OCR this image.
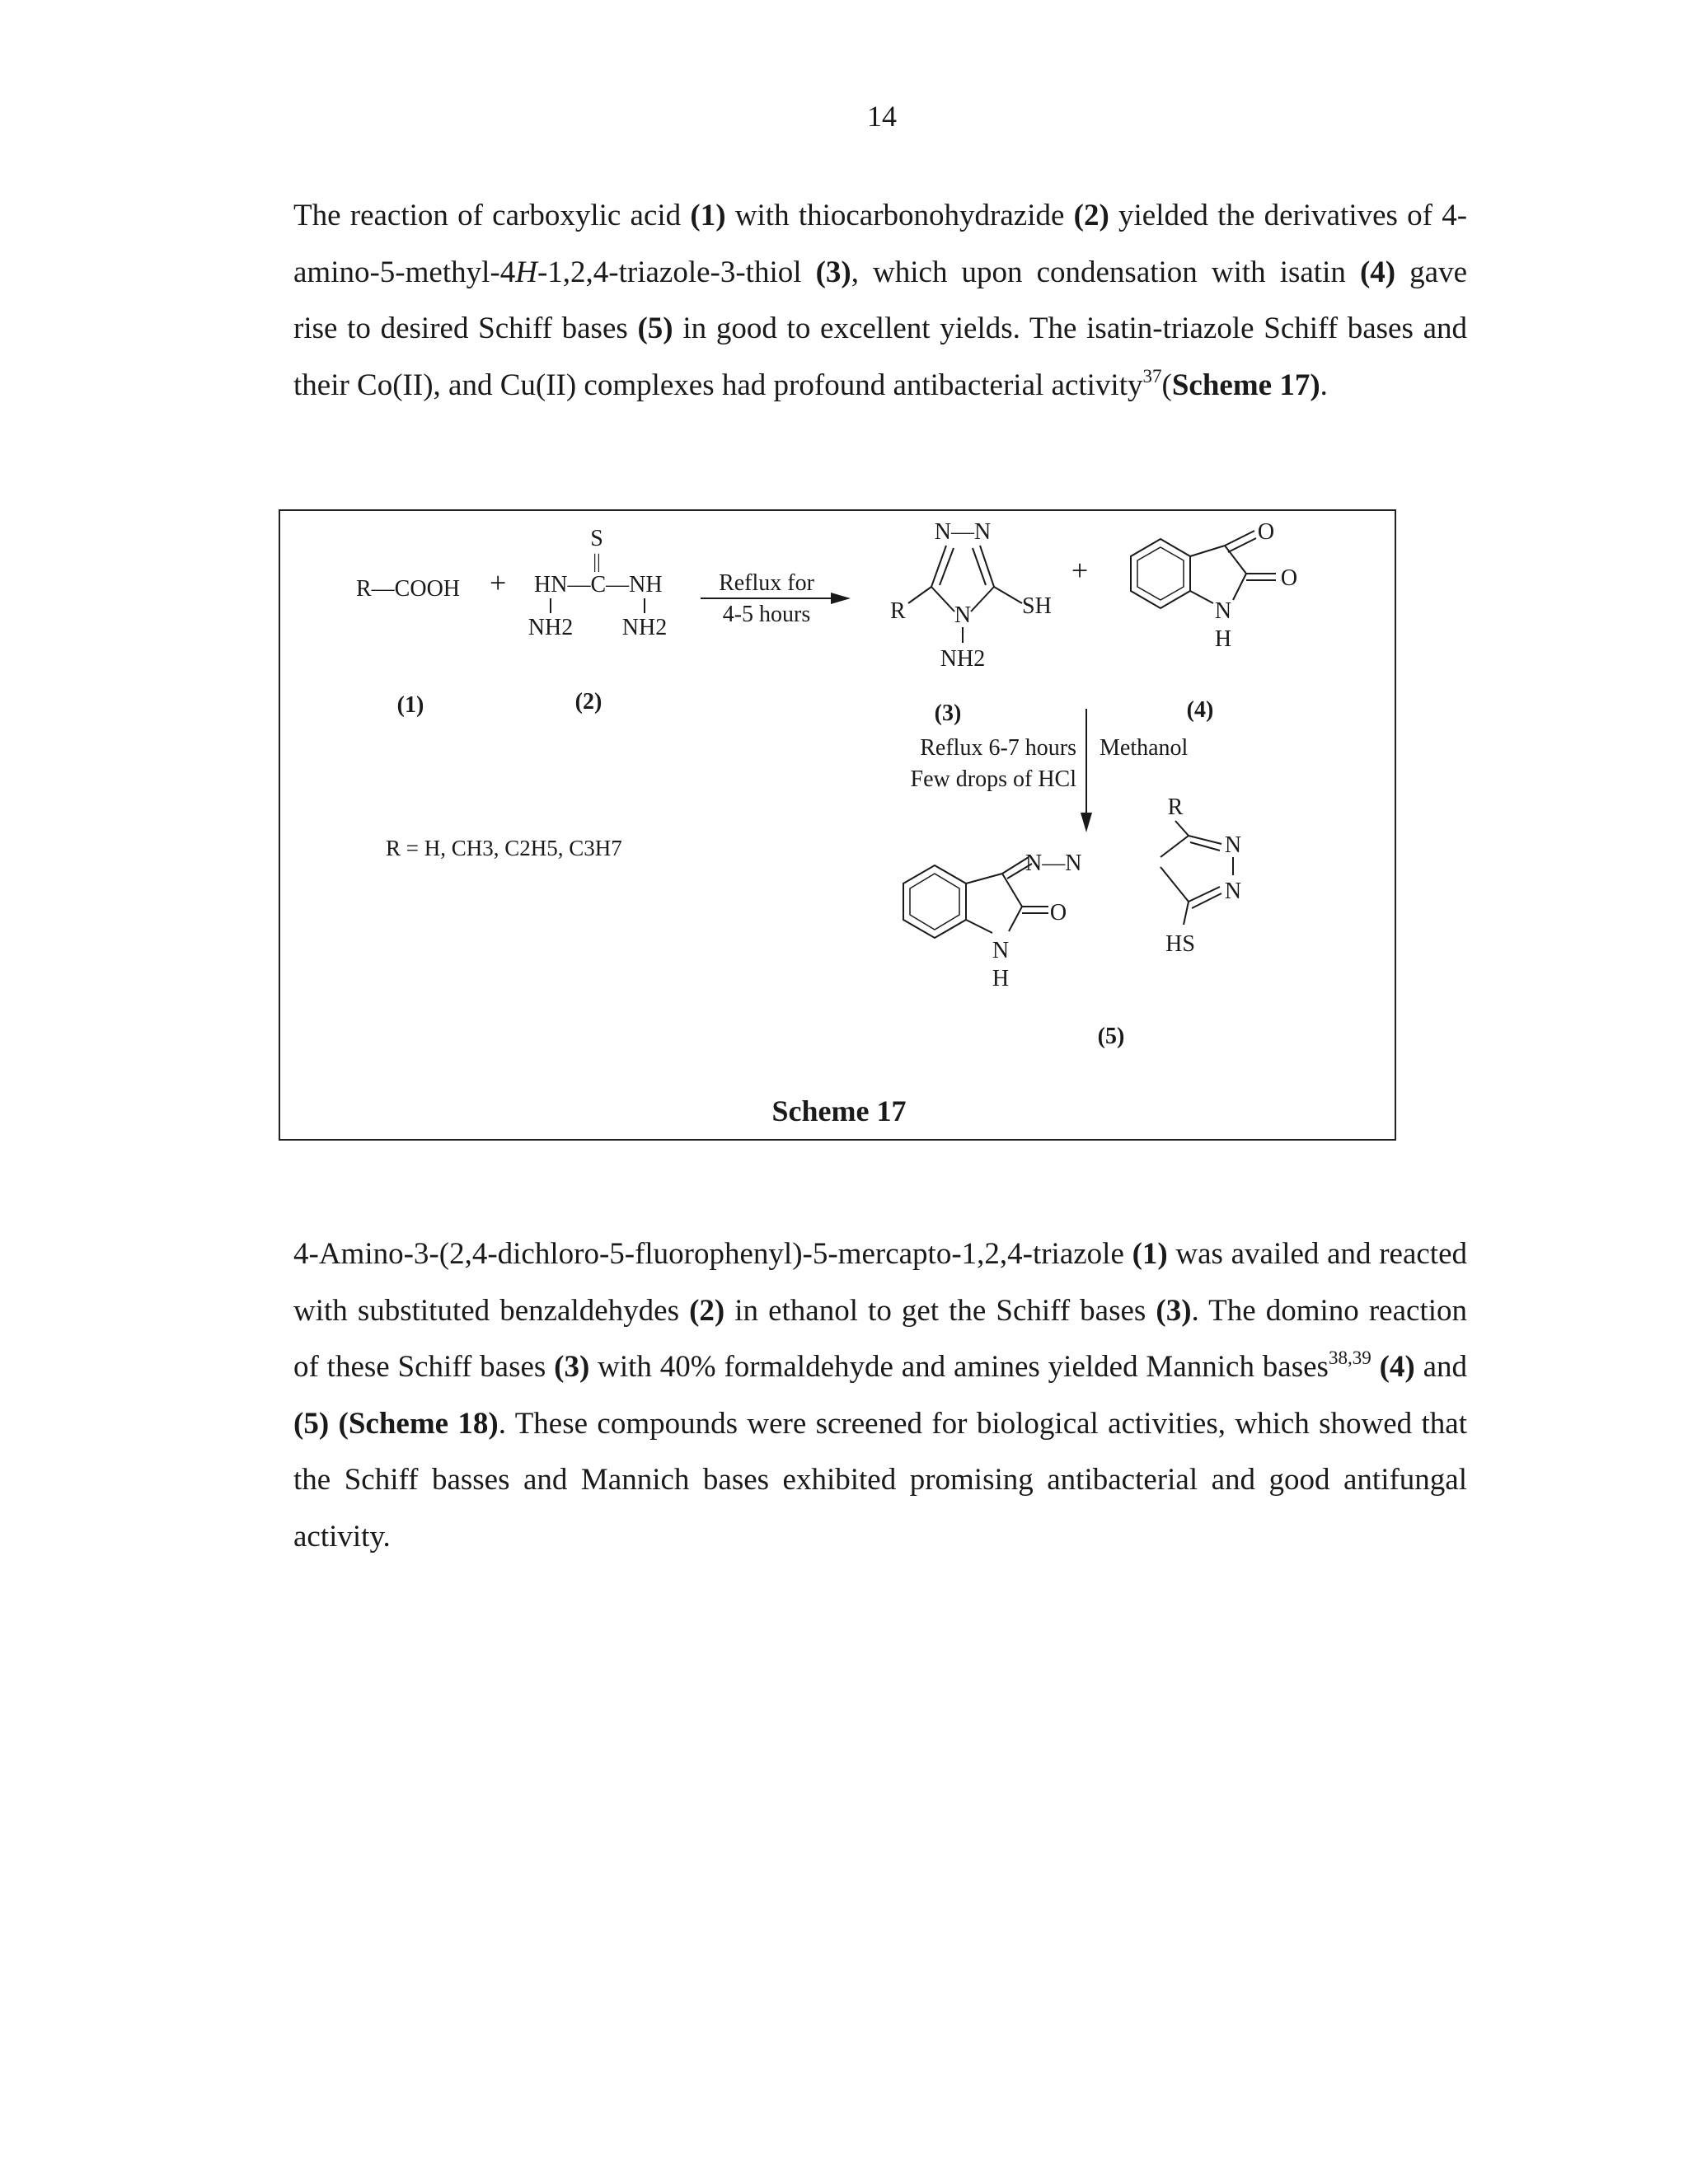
14

The reaction of carboxylic acid (1) with thiocarbonohydrazide (2) yielded the derivatives of 4-amino-5-methyl-4H-1,2,4-triazole-3-thiol (3), which upon condensation with isatin (4) gave rise to desired Schiff bases (5) in good to excellent yields. The isatin-triazole Schiff bases and their Co(II), and Cu(II) complexes had profound antibacterial activity$^{37}$(Scheme 17).

R—COOH +
S
||
HN—C—NH
NH2 NH2
Reflux for
4-5 hours
N—N
N
R	SH
NH2
+
N
H
O
O
(1)	(2)	(3)	(4)
Reflux 6-7 hours
Few drops of HCl
Methanol
R = H, CH3, C2H5, C3H7
N
H
O
N—N
R
N
N
HS
(5)
Scheme 17

4-Amino-3-(2,4-dichloro-5-fluorophenyl)-5-mercapto-1,2,4-triazole (1) was availed and reacted with substituted benzaldehydes (2) in ethanol to get the Schiff bases (3). The domino reaction of these Schiff bases (3) with 40% formaldehyde and amines yielded Mannich bases$^{38,39}$ (4) and (5) (Scheme 18). These compounds were screened for biological activities, which showed that the Schiff basses and Mannich bases exhibited promising antibacterial and good antifungal activity.
